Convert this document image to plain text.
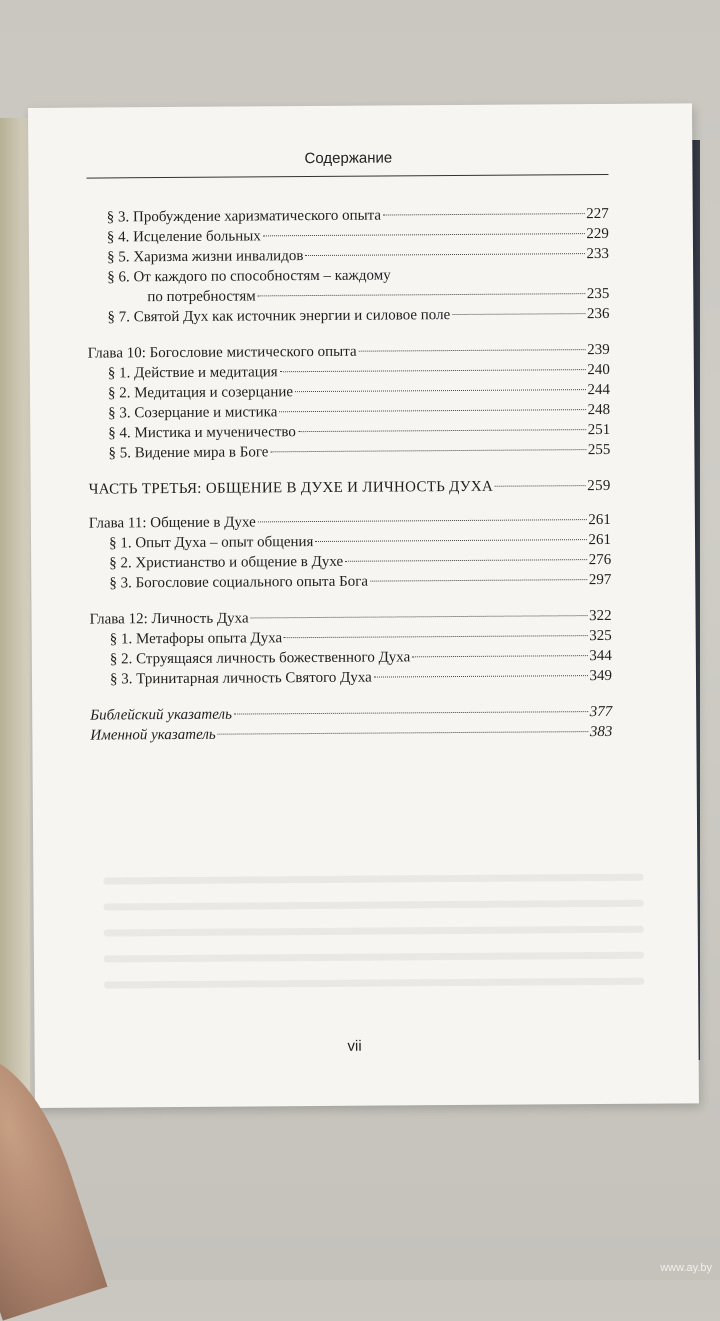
Содержание
§ 3. Пробуждение харизматического опыта	227
§ 4. Исцеление больных	229
§ 5. Харизма жизни инвалидов	233
§ 6. От каждого по способностям – каждому
по потребностям	235
§ 7. Святой Дух как источник энергии и силовое поле	236
Глава 10: Богословие мистического опыта	239
§ 1. Действие и медитация	240
§ 2. Медитация и созерцание	244
§ 3. Созерцание и мистика	248
§ 4. Мистика и мученичество	251
§ 5. Видение мира в Боге	255
ЧАСТЬ ТРЕТЬЯ: ОБЩЕНИЕ В ДУХЕ И ЛИЧНОСТЬ ДУХА	259
Глава 11: Общение в Духе	261
§ 1. Опыт Духа – опыт общения	261
§ 2. Христианство и общение в Духе	276
§ 3. Богословие социального опыта Бога	297
Глава 12: Личность Духа	322
§ 1. Метафоры опыта Духа	325
§ 2. Струящаяся личность божественного Духа	344
§ 3. Тринитарная личность Святого Духа	349
Библейский указатель	377
Именной указатель	383
vii
www.ay.by
